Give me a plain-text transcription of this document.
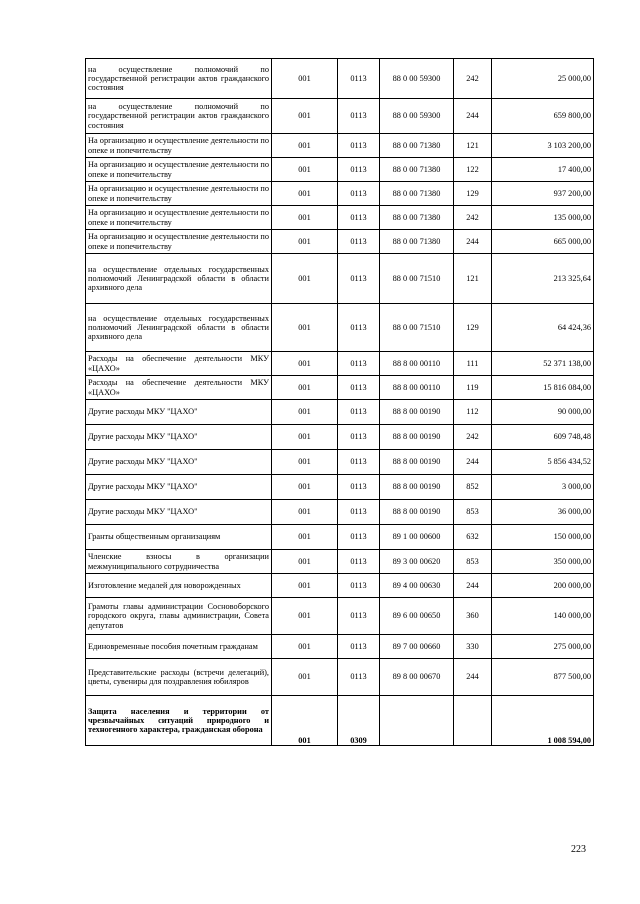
на осуществление полномочий по государственной регистрации актов гражданского состояния	001	0113	88 0 00 59300	242	25 000,00
на осуществление полномочий по государственной регистрации актов гражданского состояния	001	0113	88 0 00 59300	244	659 800,00
На организацию и осуществление деятельности по опеке и попечительству	001	0113	88 0 00 71380	121	3 103 200,00
На организацию и осуществление деятельности по опеке и попечительству	001	0113	88 0 00 71380	122	17 400,00
На организацию и осуществление деятельности по опеке и попечительству	001	0113	88 0 00 71380	129	937 200,00
На организацию и осуществление деятельности по опеке и попечительству	001	0113	88 0 00 71380	242	135 000,00
На организацию и осуществление деятельности по опеке и попечительству	001	0113	88 0 00 71380	244	665 000,00
на осуществление отдельных государственных полномочий Ленинградской области в области архивного дела	001	0113	88 0 00 71510	121	213 325,64
на осуществление отдельных государственных полномочий Ленинградской области в области архивного дела	001	0113	88 0 00 71510	129	64 424,36
Расходы на обеспечение деятельности МКУ «ЦАХО»	001	0113	88 8 00 00110	111	52 371 138,00
Расходы на обеспечение деятельности МКУ «ЦАХО»	001	0113	88 8 00 00110	119	15 816 084,00
Другие расходы МКУ "ЦАХО"	001	0113	88 8 00 00190	112	90 000,00
Другие расходы МКУ "ЦАХО"	001	0113	88 8 00 00190	242	609 748,48
Другие расходы МКУ "ЦАХО"	001	0113	88 8 00 00190	244	5 856 434,52
Другие расходы МКУ "ЦАХО"	001	0113	88 8 00 00190	852	3 000,00
Другие расходы МКУ "ЦАХО"	001	0113	88 8 00 00190	853	36 000,00
Гранты общественным организациям	001	0113	89 1 00 00600	632	150 000,00
Членские взносы в организации межмуниципального сотрудничества	001	0113	89 3 00 00620	853	350 000,00
Изготовление медалей для новорожденных	001	0113	89 4 00 00630	244	200 000,00
Грамоты главы администрации Сосновоборского городского округа, главы администрации, Совета депутатов	001	0113	89 6 00 00650	360	140 000,00
Единовременные пособия почетным гражданам	001	0113	89 7 00 00660	330	275 000,00
Представительские расходы (встречи делегаций), цветы, сувениры для поздравления юбиляров	001	0113	89 8 00 00670	244	877 500,00
Защита населения и территории от чрезвычайных ситуаций природного и техногенного характера, гражданская оборона	001	0309			1 008 594,00
223
